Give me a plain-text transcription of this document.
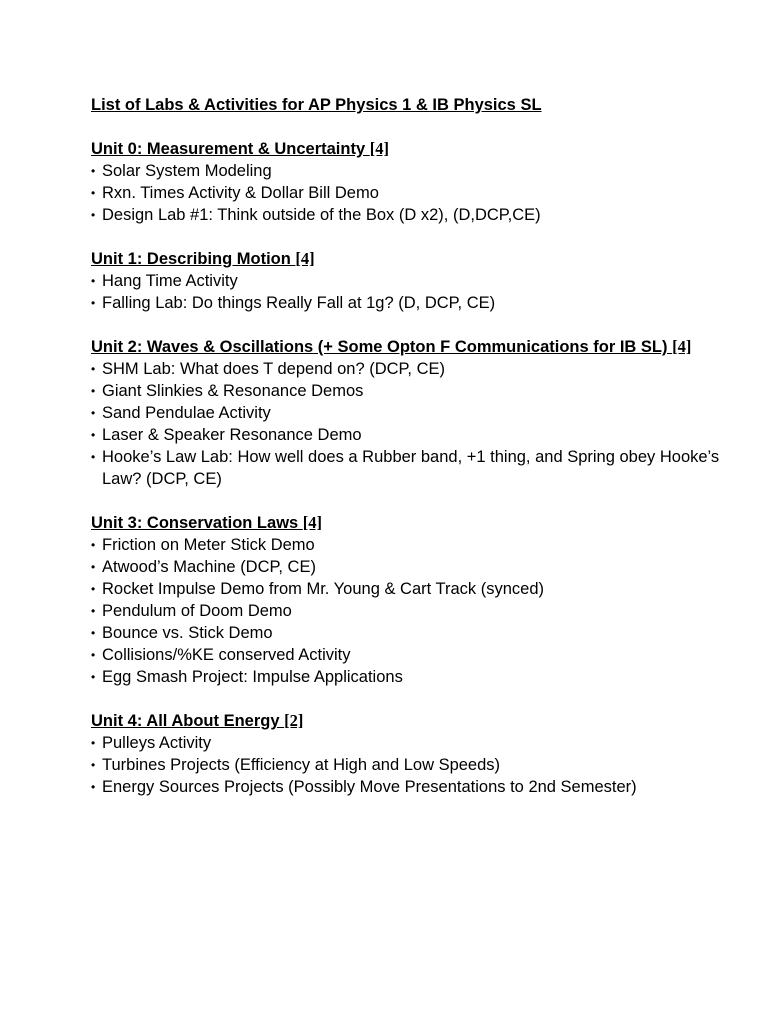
List of Labs & Activities for AP Physics 1 & IB Physics SL
Unit 0: Measurement & Uncertainty [4]
• Solar System Modeling
• Rxn. Times Activity & Dollar Bill Demo
• Design Lab #1: Think outside of the Box (D x2), (D,DCP,CE)
Unit 1: Describing Motion [4]
• Hang Time Activity
• Falling Lab: Do things Really Fall at 1g? (D, DCP, CE)
Unit 2: Waves & Oscillations (+ Some Opton F Communications for IB SL) [4]
• SHM Lab: What does T depend on? (DCP, CE)
• Giant Slinkies & Resonance Demos
• Sand Pendulae Activity
• Laser & Speaker Resonance Demo
• Hooke’s Law Lab: How well does a Rubber band, +1 thing, and Spring obey Hooke’s Law? (DCP, CE)
Unit 3: Conservation Laws [4]
• Friction on Meter Stick Demo
• Atwood’s Machine (DCP, CE)
• Rocket Impulse Demo from Mr. Young & Cart Track (synced)
• Pendulum of Doom Demo
• Bounce vs. Stick Demo
• Collisions/%KE conserved Activity
• Egg Smash Project: Impulse Applications
Unit 4: All About Energy [2]
• Pulleys Activity
• Turbines Projects (Efficiency at High and Low Speeds)
• Energy Sources Projects (Possibly Move Presentations to 2nd Semester)
